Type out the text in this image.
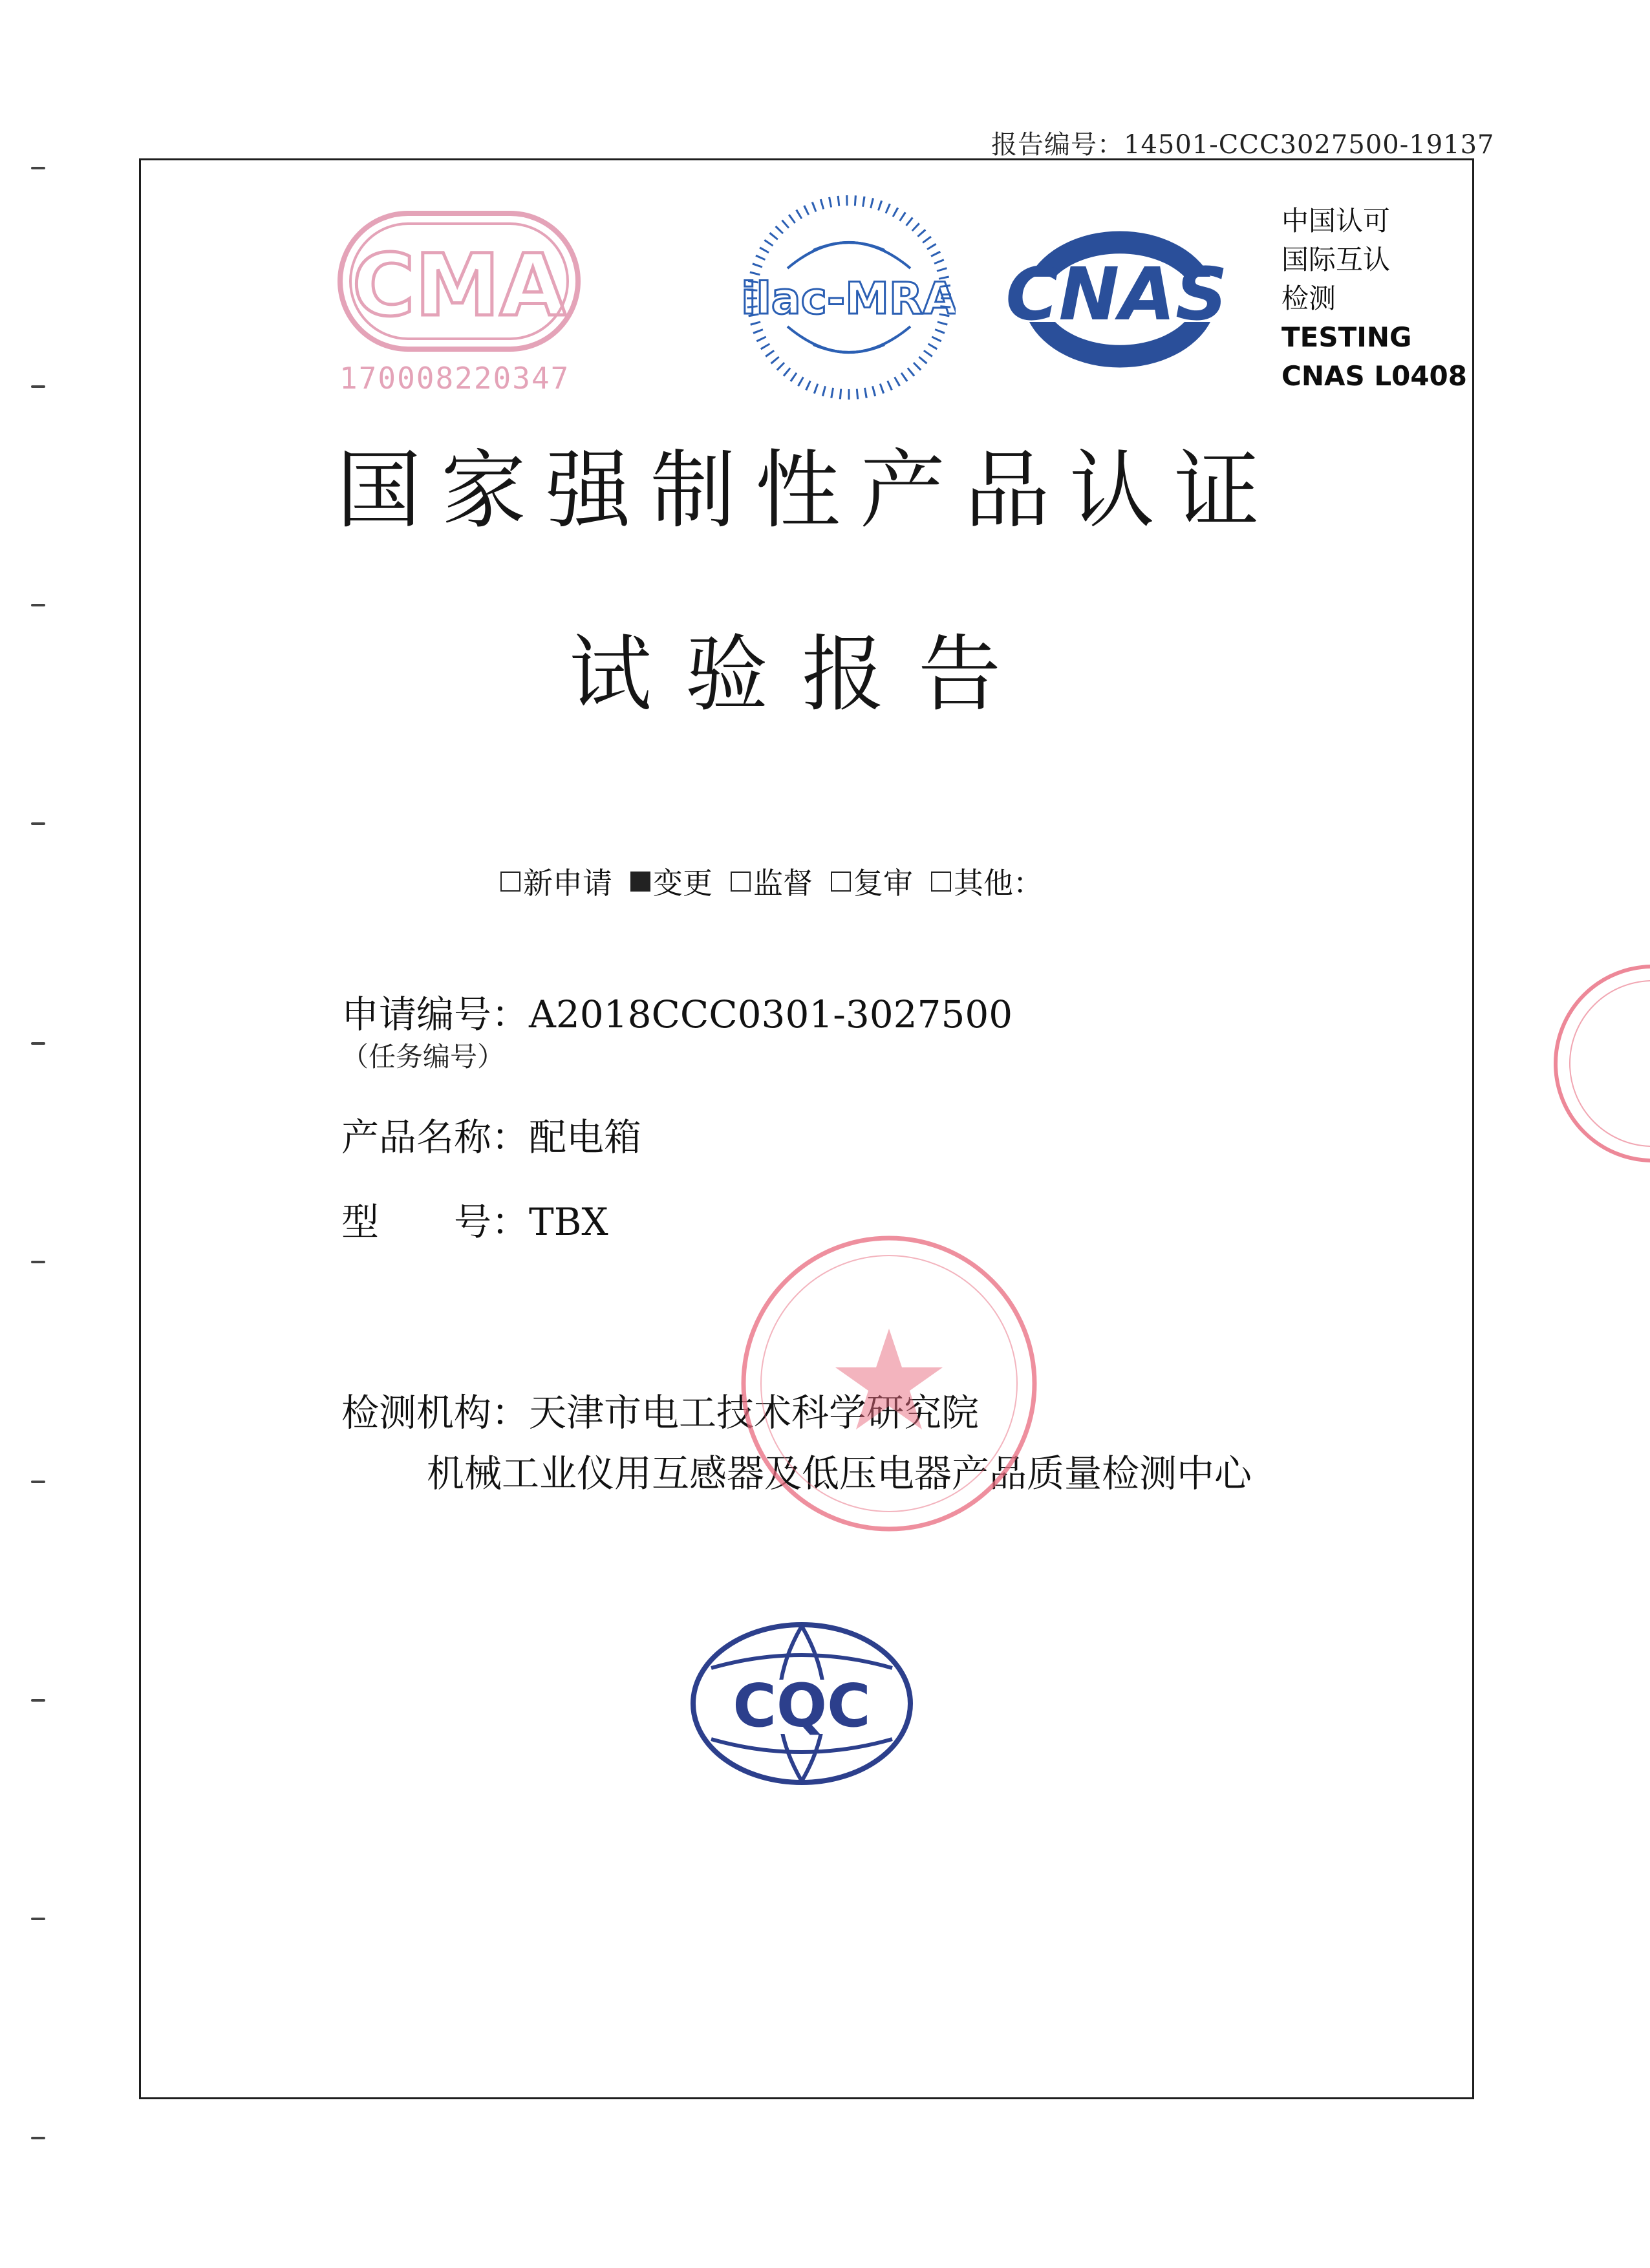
报告编号：14501-CCC3027500-19137
CMA
170008220347
ilac-MRA CNAS
中国认可
国际互认
检测
TESTING
CNAS L0408
国家强制性产品认证
试验报告
新申请 变更 监督 复审 其他：
申请编号：A2018CCC0301-3027500
（任务编号）
产品名称：配电箱
型　　号：TBX
检测机构：天津市电工技术科学研究院
机械工业仪用互感器及低压电器产品质量检测中心
CQC
